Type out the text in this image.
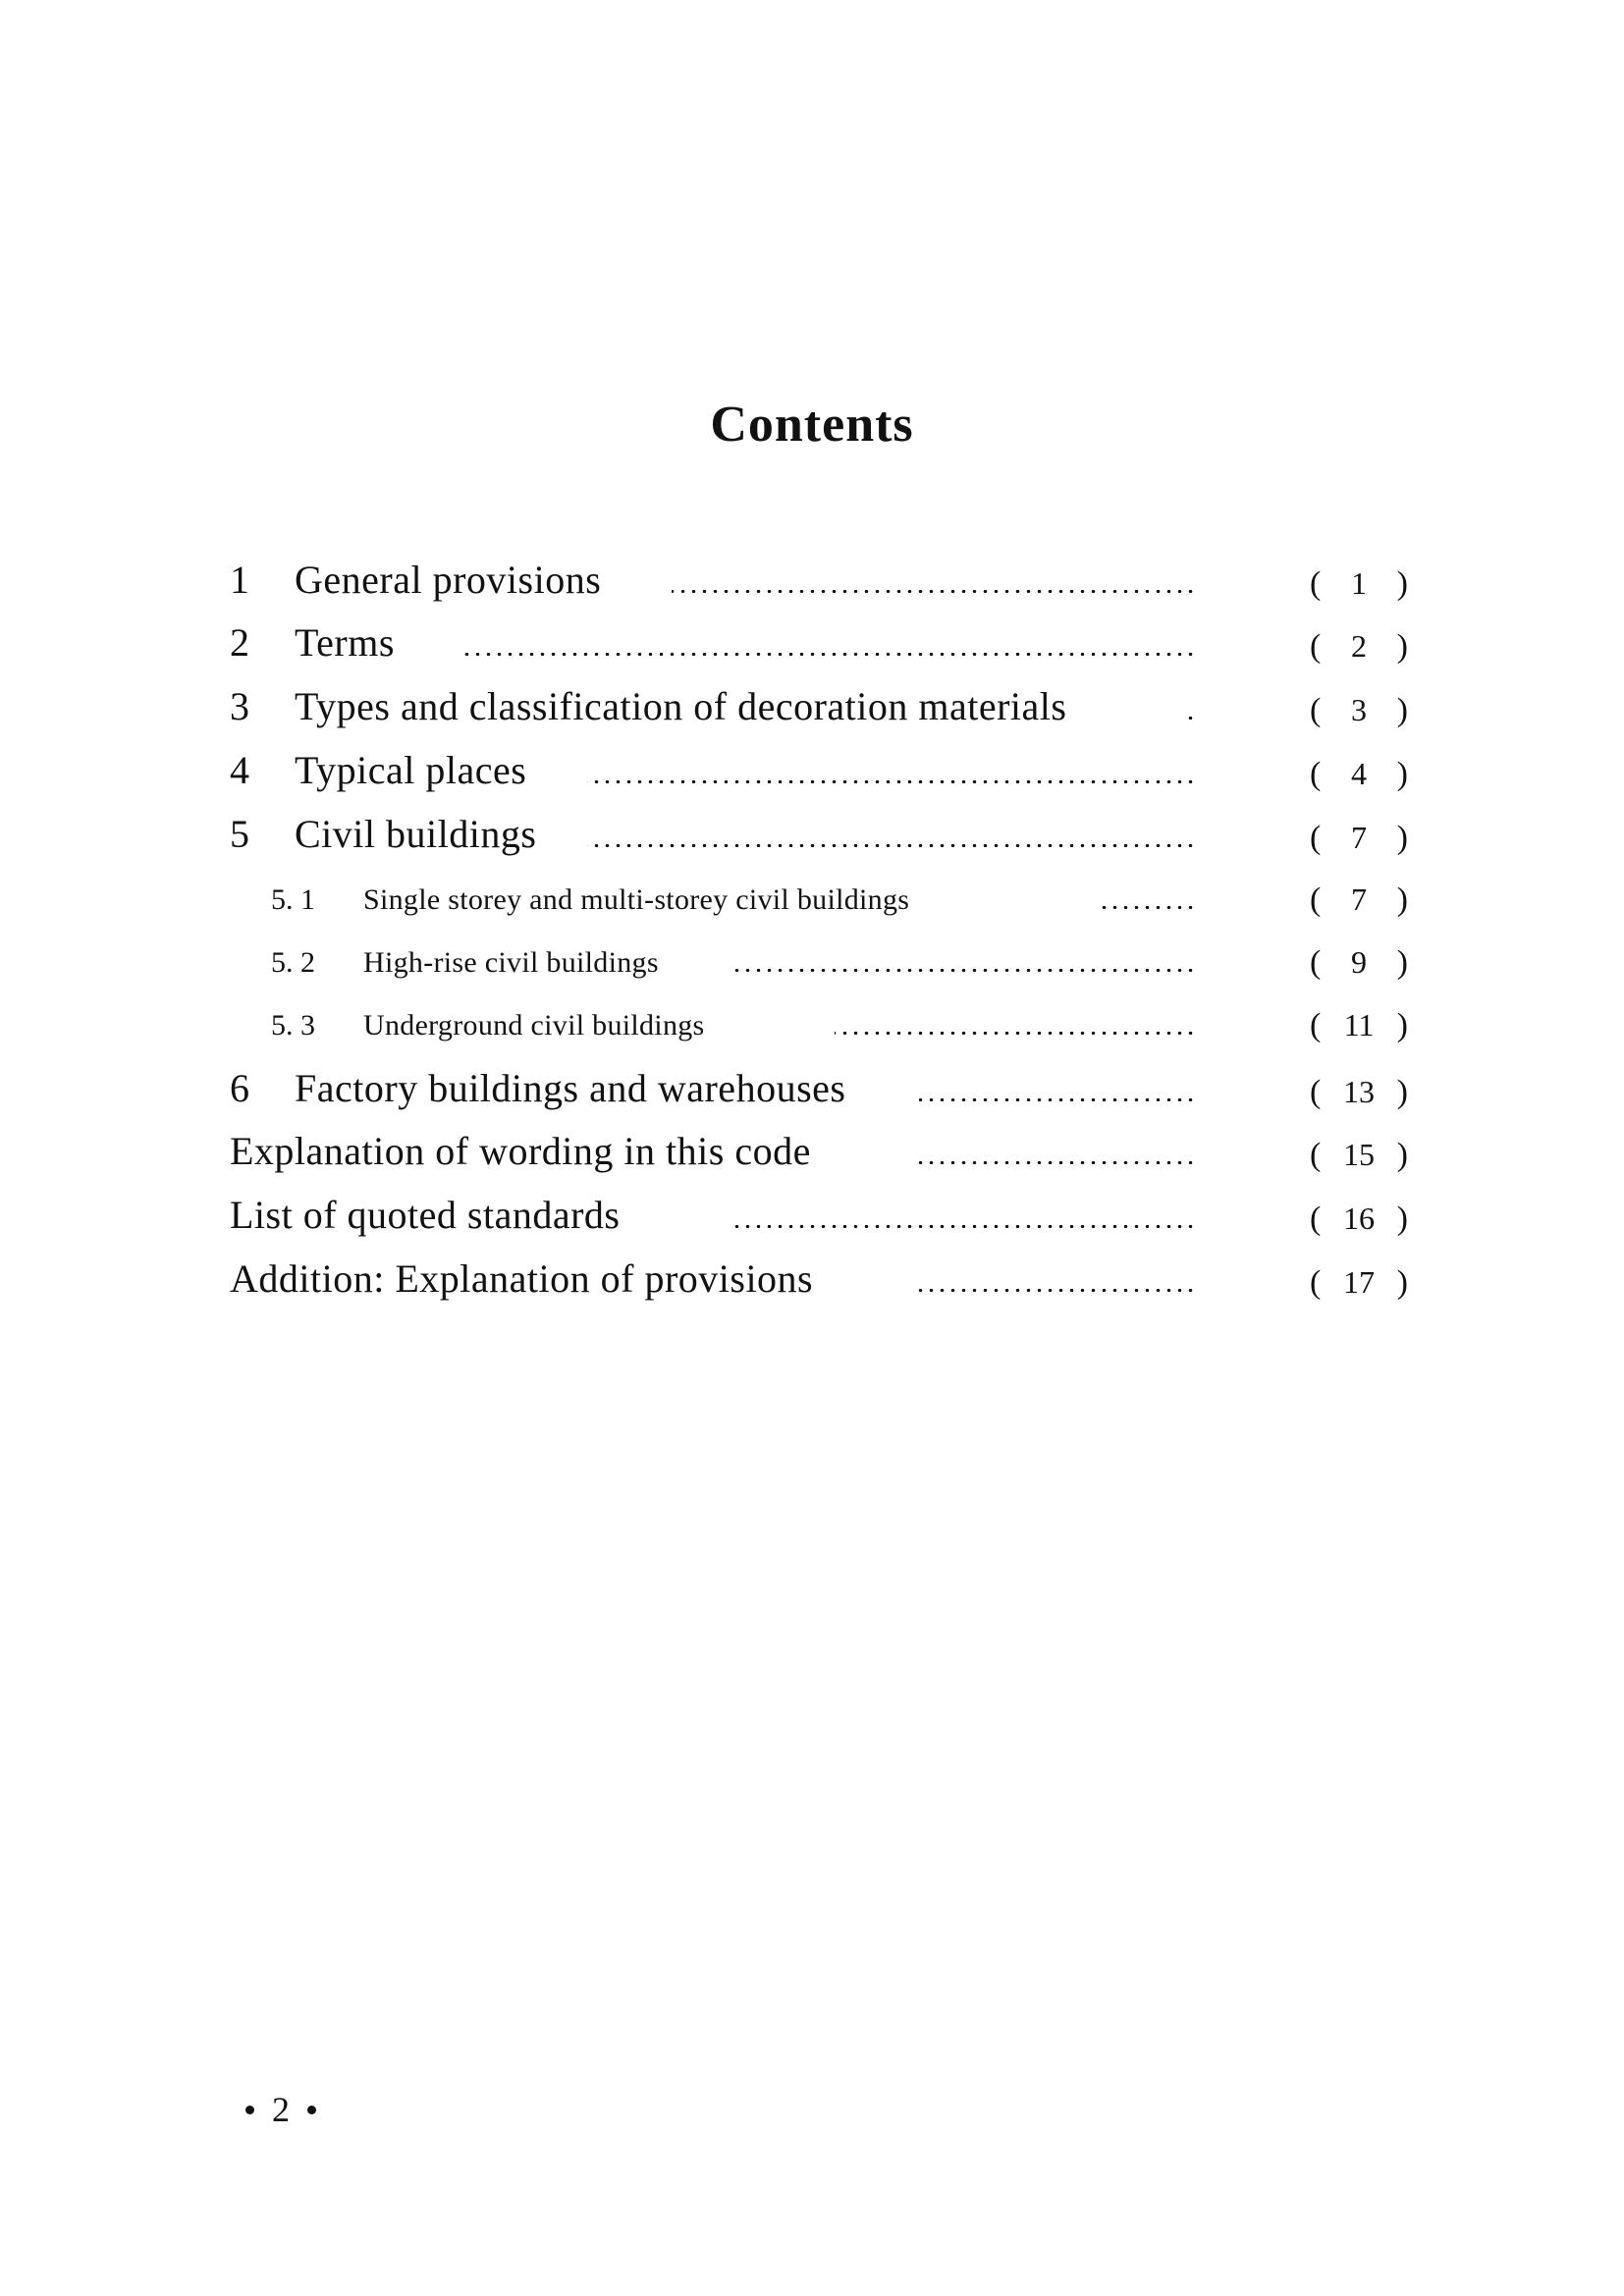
Contents
1 General provisions	( 1 )
2 Terms	( 2 )
3 Types and classification of decoration materials	( 3 )
4 Typical places	( 4 )
5 Civil buildings	( 7 )
5. 1 Single storey and multi-storey civil buildings	( 7 )
5. 2 High-rise civil buildings	( 9 )
5. 3 Underground civil buildings	( 11 )
6 Factory buildings and warehouses	( 13 )
Explanation of wording in this code	( 15 )
List of quoted standards	( 16 )
Addition: Explanation of provisions	( 17 )
2
